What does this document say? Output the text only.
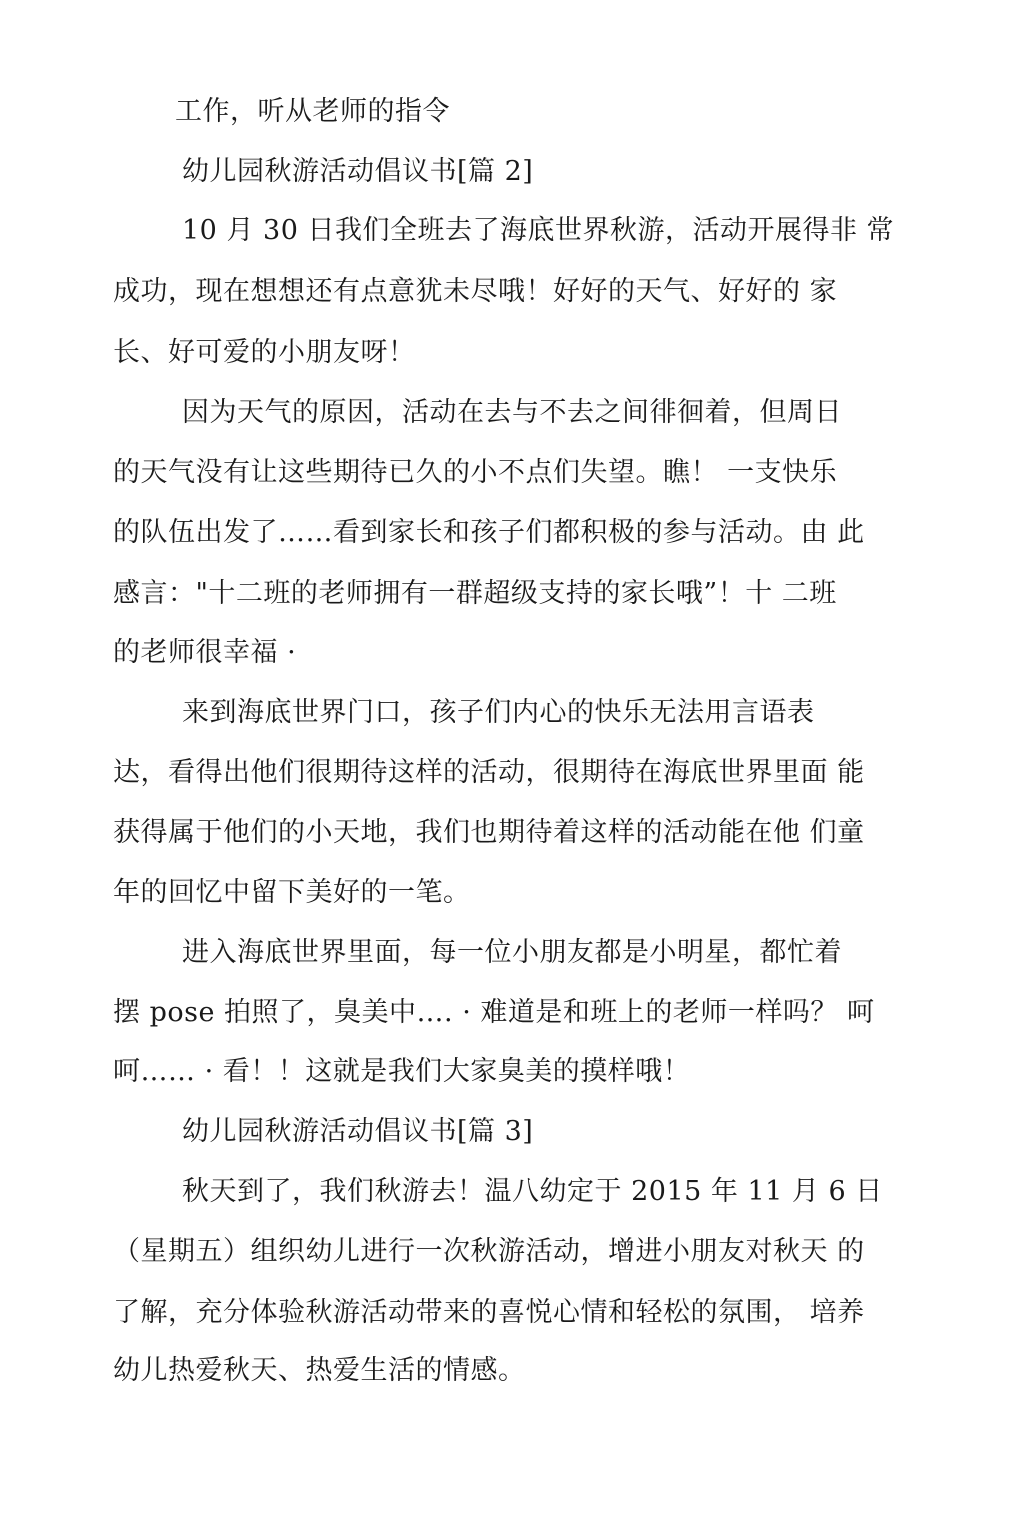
工作，听从老师的指令
幼儿园秋游活动倡议书[篇 2]
10 月 30 日我们全班去了海底世界秋游，活动开展得非 常
成功，现在想想还有点意犹未尽哦！好好的天气、好好的 家
长、好可爱的小朋友呀！
因为天气的原因，活动在去与不去之间徘徊着，但周日
的天气没有让这些期待已久的小不点们失望。瞧！ 一支快乐
的队伍出发了……看到家长和孩子们都积极的参与活动。由 此
感言："十二班的老师拥有一群超级支持的家长哦”！十 二班
的老师很幸福 ·
来到海底世界门口，孩子们内心的快乐无法用言语表
达，看得出他们很期待这样的活动，很期待在海底世界里面 能
获得属于他们的小天地，我们也期待着这样的活动能在他 们童
年的回忆中留下美好的一笔。
进入海底世界里面，每一位小朋友都是小明星，都忙着
摆 pose 拍照了，臭美中…. · 难道是和班上的老师一样吗？ 呵
呵…… · 看！！这就是我们大家臭美的摸样哦！
幼儿园秋游活动倡议书[篇 3]
秋天到了，我们秋游去！温八幼定于 2015 年 11 月 6 日
（星期五）组织幼儿进行一次秋游活动，增进小朋友对秋天 的
了解，充分体验秋游活动带来的喜悦心情和轻松的氛围， 培养
幼儿热爱秋天、热爱生活的情感。
